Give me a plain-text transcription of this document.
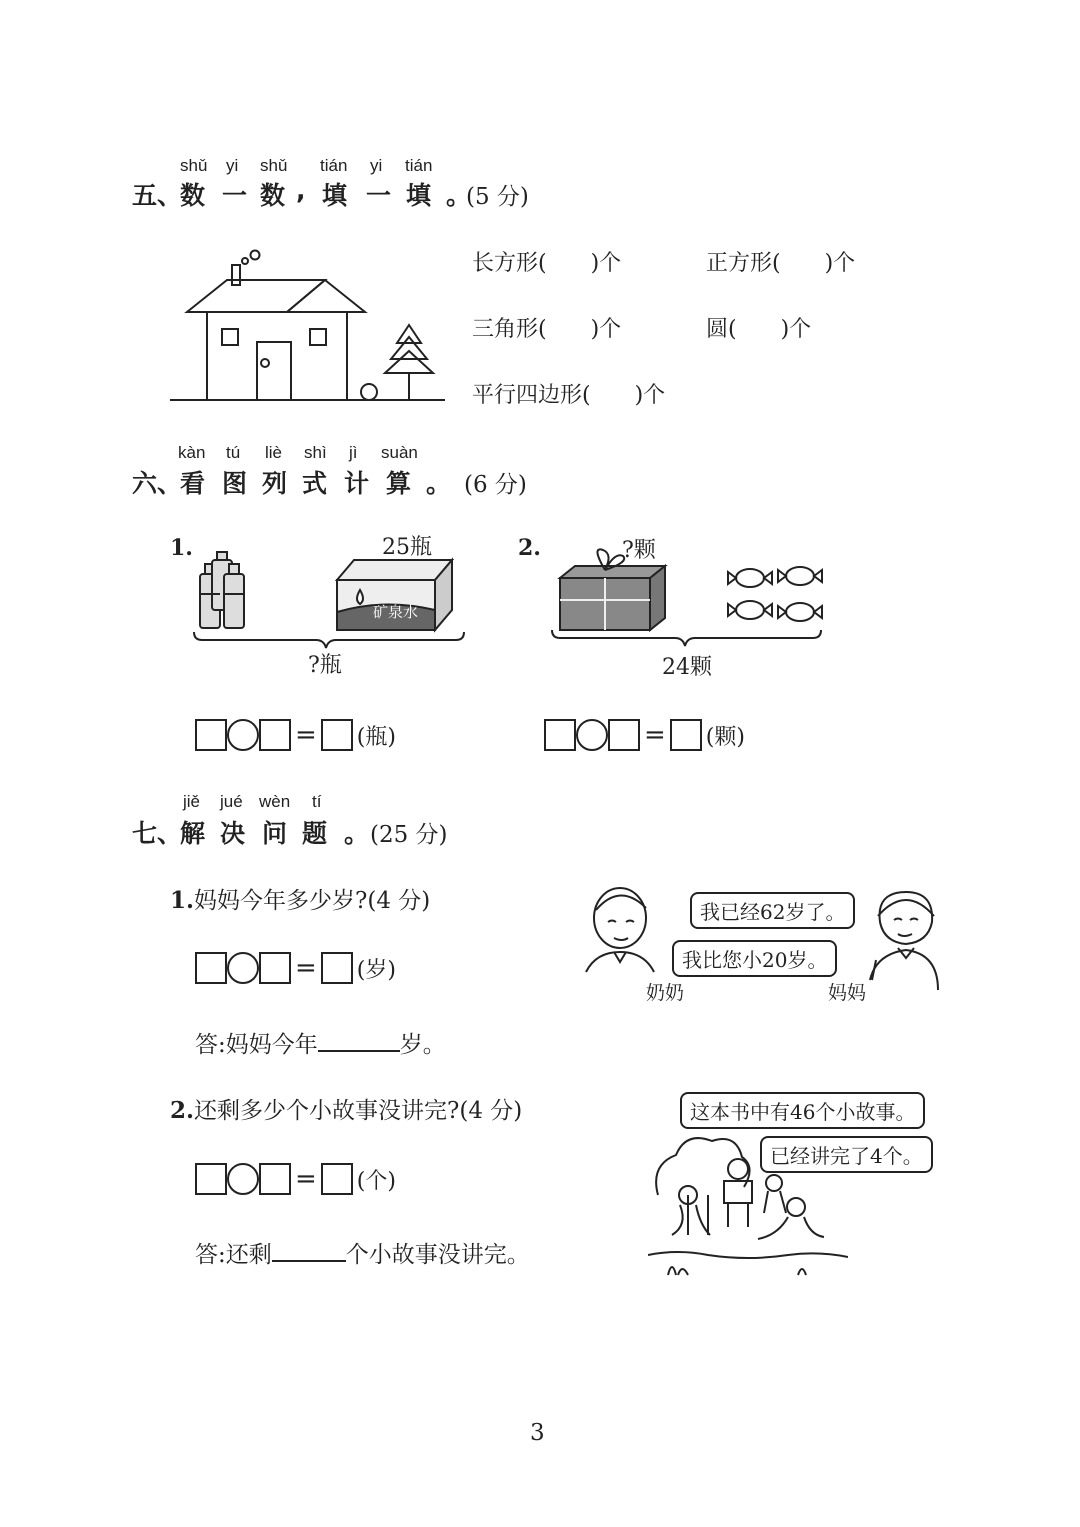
shǔ yi shǔ tián yi tián
五、
数 一 数 , 填 一 填 。
(5 分)
长方形(　　)个	正方形(　　)个
三角形(　　)个	圆(　　)个
平行四边形(　　)个
kàn tú liè shì jì suàn
六、
看 图 列 式 计 算 。 (6 分)
1.	25瓶
矿泉水
?瓶
= (瓶)
2.	?颗
24颗
= (颗)
jiě jué wèn tí
七、
解 决 问 题 。 (25 分)
1.妈妈今年多少岁?(4 分)
= (岁)
答:妈妈今年	岁。
我已经62岁了。
我比您小20岁。
奶奶	妈妈
2.还剩多少个小故事没讲完?(4 分)
= (个)
答:还剩	个小故事没讲完。
这本书中有46个小故事。
已经讲完了4个。
3
